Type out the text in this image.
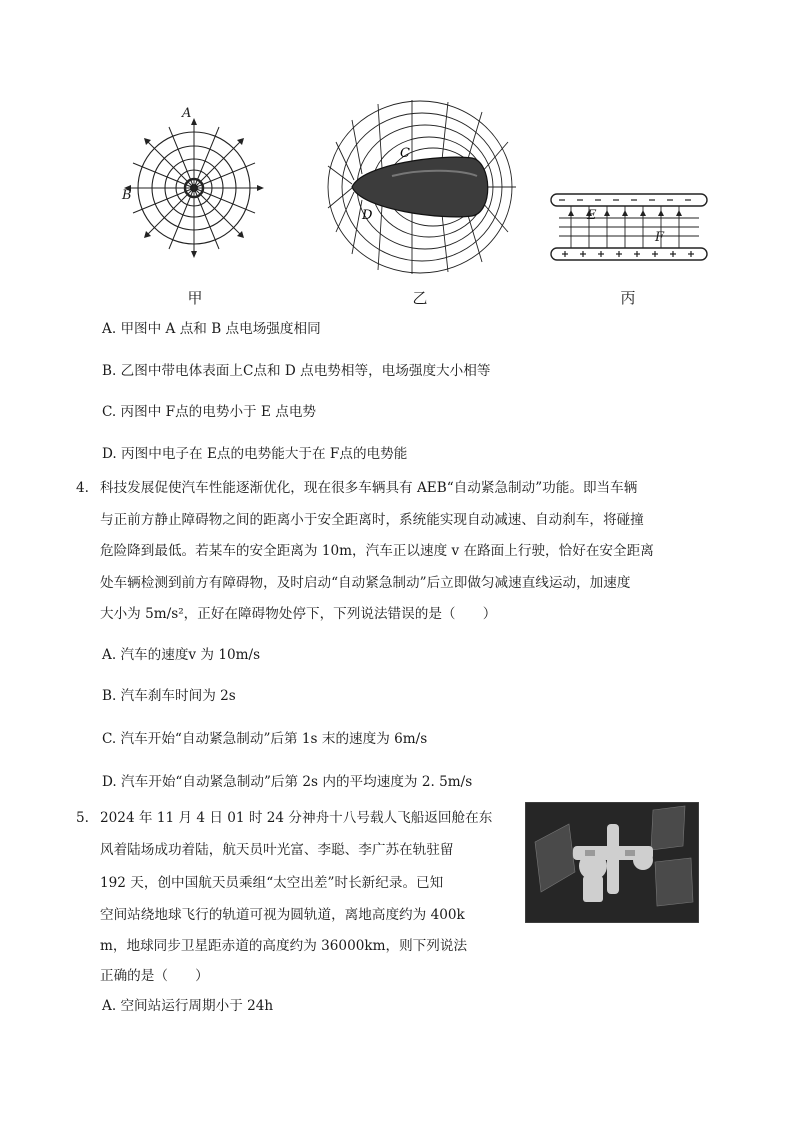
A
B
甲
C
D
乙
E
F
丙
A. 甲图中 A 点和 B 点电场强度相同
B. 乙图中带电体表面上C点和 D 点电势相等，电场强度大小相等
C. 丙图中 F点的电势小于 E 点电势
D. 丙图中电子在 E点的电势能大于在 F点的电势能
4. 科技发展促使汽车性能逐渐优化，现在很多车辆具有 AEB“自动紧急制动”功能。即当车辆
与正前方静止障碍物之间的距离小于安全距离时，系统能实现自动减速、自动刹车，将碰撞
危险降到最低。若某车的安全距离为 10m，汽车正以速度 v 在路面上行驶，恰好在安全距离
处车辆检测到前方有障碍物，及时启动“自动紧急制动”后立即做匀减速直线运动，加速度
大小为 5m/s²，正好在障碍物处停下，下列说法错误的是（　　）
A. 汽车的速度v 为 10m/s
B. 汽车刹车时间为 2s
C. 汽车开始“自动紧急制动”后第 1s 末的速度为 6m/s
D. 汽车开始“自动紧急制动”后第 2s 内的平均速度为 2. 5m/s
5. 2024 年 11 月 4 日 01 时 24 分神舟十八号载人飞船返回舱在东
风着陆场成功着陆，航天员叶光富、李聪、李广苏在轨驻留
192 天，创中国航天员乘组“太空出差”时长新纪录。已知
空间站绕地球飞行的轨道可视为圆轨道，离地高度约为 400k
m，地球同步卫星距赤道的高度约为 36000km，则下列说法
正确的是（　　）
A. 空间站运行周期小于 24h
